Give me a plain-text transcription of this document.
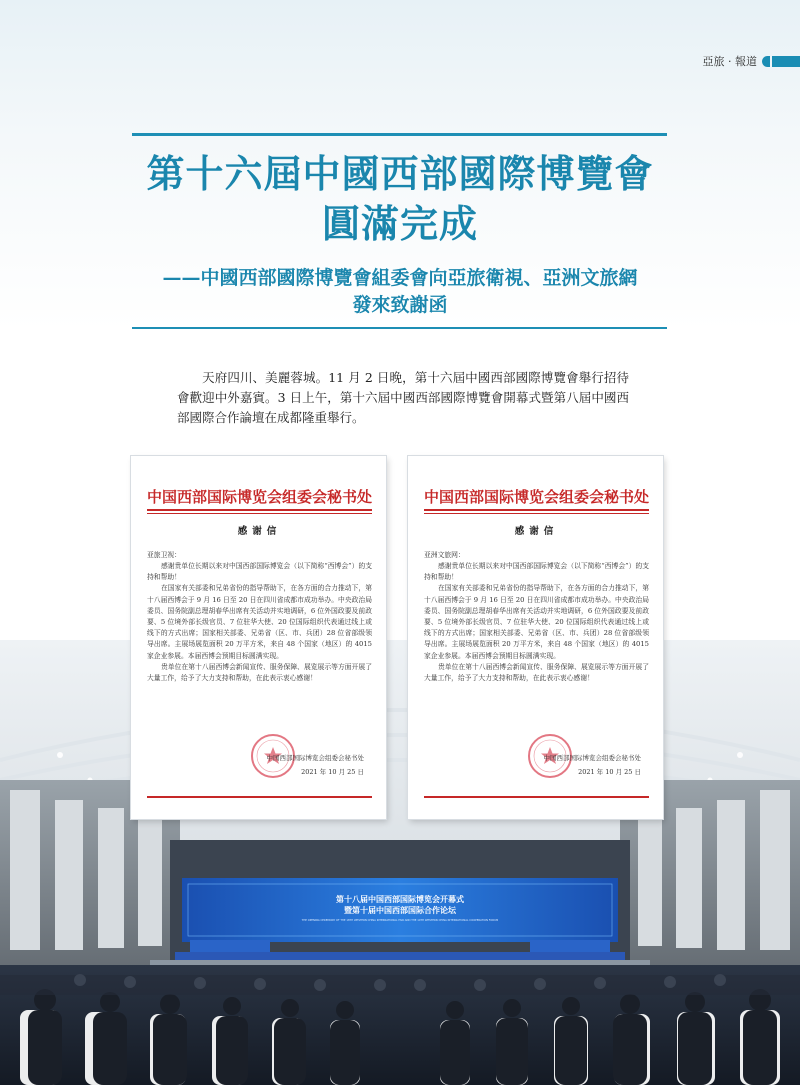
亞旅 · 報道
第十六屆中國西部國際博覽會
圓滿完成
——中國西部國際博覽會組委會向亞旅衛視、亞洲文旅網
發來致謝函
天府四川、美麗蓉城。11 月 2 日晚，第十六屆中國西部國際博覽會舉行招待會歡迎中外嘉賓。3 日上午，第十六屆中國西部國際博覽會開幕式暨第八屆中國西部國際合作論壇在成都隆重舉行。
第十八届中国西部国际博览会开幕式
暨第十届中国西部国际合作论坛
THE OPENING CEREMONY OF THE 18TH WESTERN CHINA INTERNATIONAL FAIR AND THE 10TH WESTERN CHINA INTERNATIONAL COOPERATION FORUM
中国西部国际博览会组委会秘书处
感谢信
亚旅卫视：

感谢贵单位长期以来对中国西部国际博览会（以下简称“西博会”）的支持和帮助！

在国家有关部委和兄弟省份的指导帮助下，在各方面的合力推动下，第十八届西博会于 9 月 16 日至 20 日在四川省成都市成功举办。中央政治局委员、国务院副总理胡春华出席有关活动并实地调研，6 位外国政要及前政要、5 位境外部长级官员、7 位驻华大使、20 位国际组织代表通过线上或线下的方式出席；国家相关部委、兄弟省（区、市、兵团）28 位省部级领导出席。主展场展览面积 20 万平方米，来自 48 个国家（地区）的 4015 家企业参展。本届西博会预期目标圆满实现。

贵单位在第十八届西博会新闻宣传、服务保障、展览展示等方面开展了大量工作，给予了大力支持和帮助，在此表示衷心感谢！

中国西部国际博览会组委会秘书处
2021 年 10 月 25 日
中国西部国际博览会组委会秘书处
感谢信
亚洲文旅网：

感谢贵单位长期以来对中国西部国际博览会（以下简称“西博会”）的支持和帮助！

在国家有关部委和兄弟省份的指导帮助下，在各方面的合力推动下，第十八届西博会于 9 月 16 日至 20 日在四川省成都市成功举办。中央政治局委员、国务院副总理胡春华出席有关活动并实地调研，6 位外国政要及前政要、5 位境外部长级官员、7 位驻华大使、20 位国际组织代表通过线上或线下的方式出席；国家相关部委、兄弟省（区、市、兵团）28 位省部级领导出席。主展场展览面积 20 万平方米，来自 48 个国家（地区）的 4015 家企业参展。本届西博会预期目标圆满实现。

贵单位在第十八届西博会新闻宣传、服务保障、展览展示等方面开展了大量工作，给予了大力支持和帮助，在此表示衷心感谢！

中国西部国际博览会组委会秘书处
2021 年 10 月 25 日
